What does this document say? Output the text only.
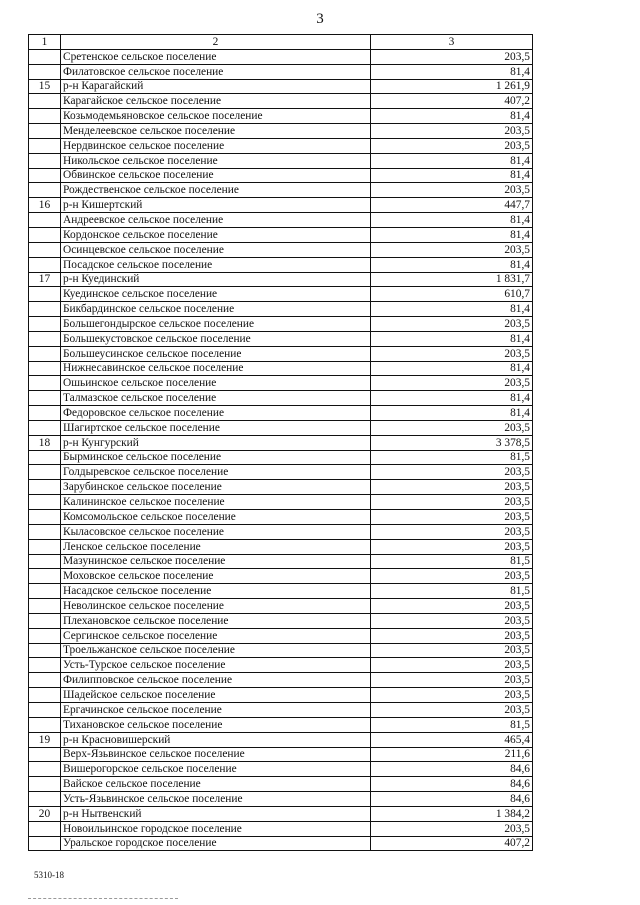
3
1	2	3
	Сретенское сельское поселение	203,5
	Филатовское сельское поселение	81,4
15	р-н Карагайский	1 261,9
	Карагайское сельское поселение	407,2
	Козьмодемьяновское сельское поселение	81,4
	Менделеевское сельское поселение	203,5
	Нердвинское сельское поселение	203,5
	Никольское сельское поселение	81,4
	Обвинское сельское поселение	81,4
	Рождественское сельское поселение	203,5
16	р-н Кишертский	447,7
	Андреевское сельское поселение	81,4
	Кордонское сельское поселение	81,4
	Осинцевское сельское поселение	203,5
	Посадское сельское поселение	81,4
17	р-н Куединский	1 831,7
	Куединское сельское поселение	610,7
	Бикбардинское сельское поселение	81,4
	Большегондырское сельское поселение	203,5
	Большекустовское сельское поселение	81,4
	Большеусинское сельское поселение	203,5
	Нижнесавинское сельское поселение	81,4
	Ошьинское сельское поселение	203,5
	Талмазское сельское поселение	81,4
	Федоровское сельское поселение	81,4
	Шагиртское сельское поселение	203,5
18	р-н Кунгурский	3 378,5
	Бырминское сельское поселение	81,5
	Голдыревское сельское поселение	203,5
	Зарубинское сельское поселение	203,5
	Калининское сельское поселение	203,5
	Комсомольское сельское поселение	203,5
	Кыласовское сельское поселение	203,5
	Ленское сельское поселение	203,5
	Мазунинское сельское поселение	81,5
	Моховское сельское поселение	203,5
	Насадское сельское поселение	81,5
	Неволинское сельское поселение	203,5
	Плехановское сельское поселение	203,5
	Сергинское сельское поселение	203,5
	Троельжанское сельское поселение	203,5
	Усть-Турское сельское поселение	203,5
	Филипповское сельское поселение	203,5
	Шадейское сельское поселение	203,5
	Ергачинское сельское поселение	203,5
	Тихановское сельское поселение	81,5
19	р-н Красновишерский	465,4
	Верх-Язьвинское сельское поселение	211,6
	Вишерогорское сельское поселение	84,6
	Вайское сельское поселение	84,6
	Усть-Язьвинское сельское поселение	84,6
20	р-н Нытвенский	1 384,2
	Новоильинское городское поселение	203,5
	Уральское городское поселение	407,2
5310-18
